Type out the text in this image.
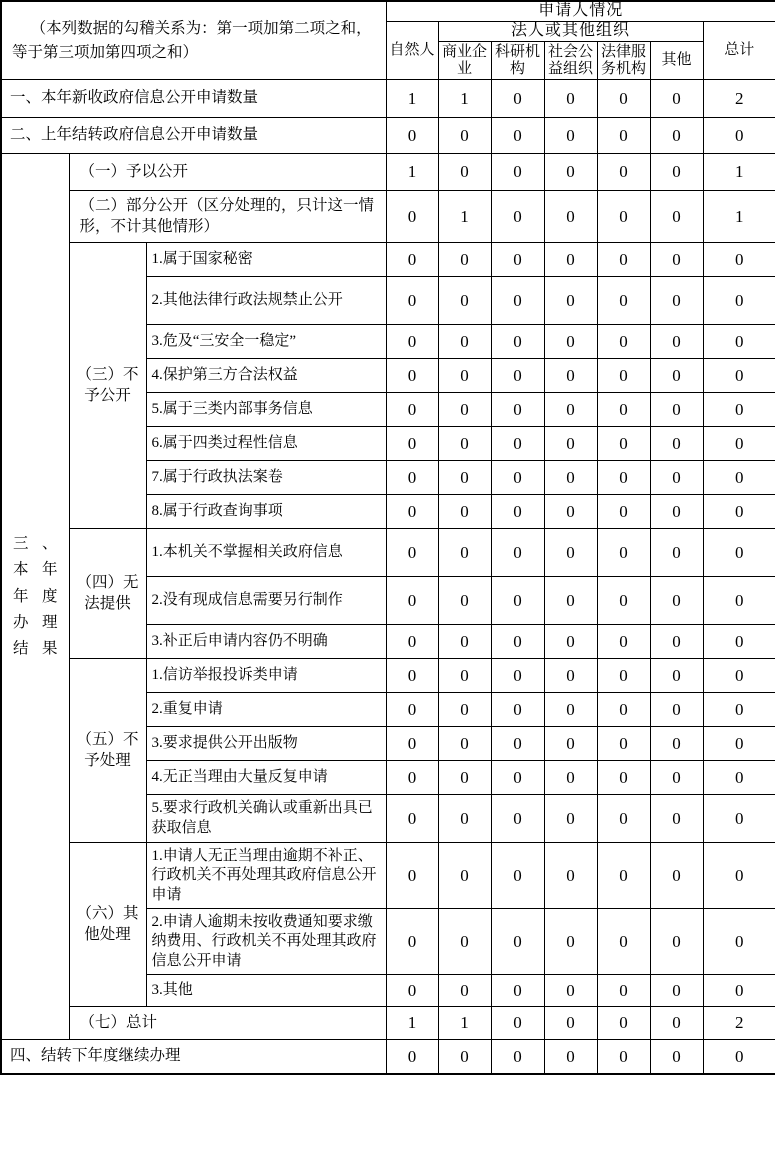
（本列数据的勾稽关系为：第一项加第二项之和，等于第三项加第四项之和）			申请人情况						
			自然人	法人或其他组织					总计
				商业企业	科研机构	社会公益组织	法律服务机构	其他	
一、本年新收政府信息公开申请数量			1	1	0	0	0	0	2
二、上年结转政府信息公开申请数量			0	0	0	0	0	0	0

三 、
本 年
年 度
办 理
结 果
	（一）予以公开	1	0	0	0	0	0	1
	（二）部分公开（区分处理的，只计这一情形，不计其他情形）		0	1	0	0	0	0	1
	（三）不予公开	1.属于国家秘密	0	0	0	0	0	0	0
		2.其他法律行政法规禁止公开	0	0	0	0	0	0	0
		3.危及“三安全一稳定”	0	0	0	0	0	0	0
		4.保护第三方合法权益	0	0	0	0	0	0	0
		5.属于三类内部事务信息	0	0	0	0	0	0	0
		6.属于四类过程性信息	0	0	0	0	0	0	0
		7.属于行政执法案卷	0	0	0	0	0	0	0
		8.属于行政查询事项	0	0	0	0	0	0	0
	（四）无法提供	1.本机关不掌握相关政府信息	0	0	0	0	0	0	0
		2.没有现成信息需要另行制作	0	0	0	0	0	0	0
		3.补正后申请内容仍不明确	0	0	0	0	0	0	0
	（五）不予处理	1.信访举报投诉类申请	0	0	0	0	0	0	0
		2.重复申请	0	0	0	0	0	0	0
		3.要求提供公开出版物	0	0	0	0	0	0	0
		4.无正当理由大量反复申请	0	0	0	0	0	0	0
		5.要求行政机关确认或重新出具已获取信息	0	0	0	0	0	0	0
	（六）其他处理	1.申请人无正当理由逾期不补正、行政机关不再处理其政府信息公开申请	0	0	0	0	0	0	0
		2.申请人逾期未按收费通知要求缴纳费用、行政机关不再处理其政府信息公开申请	0	0	0	0	0	0	0
		3.其他	0	0	0	0	0	0	0
	（七）总计		1	1	0	0	0	0	2
四、结转下年度继续办理			0	0	0	0	0	0	0
